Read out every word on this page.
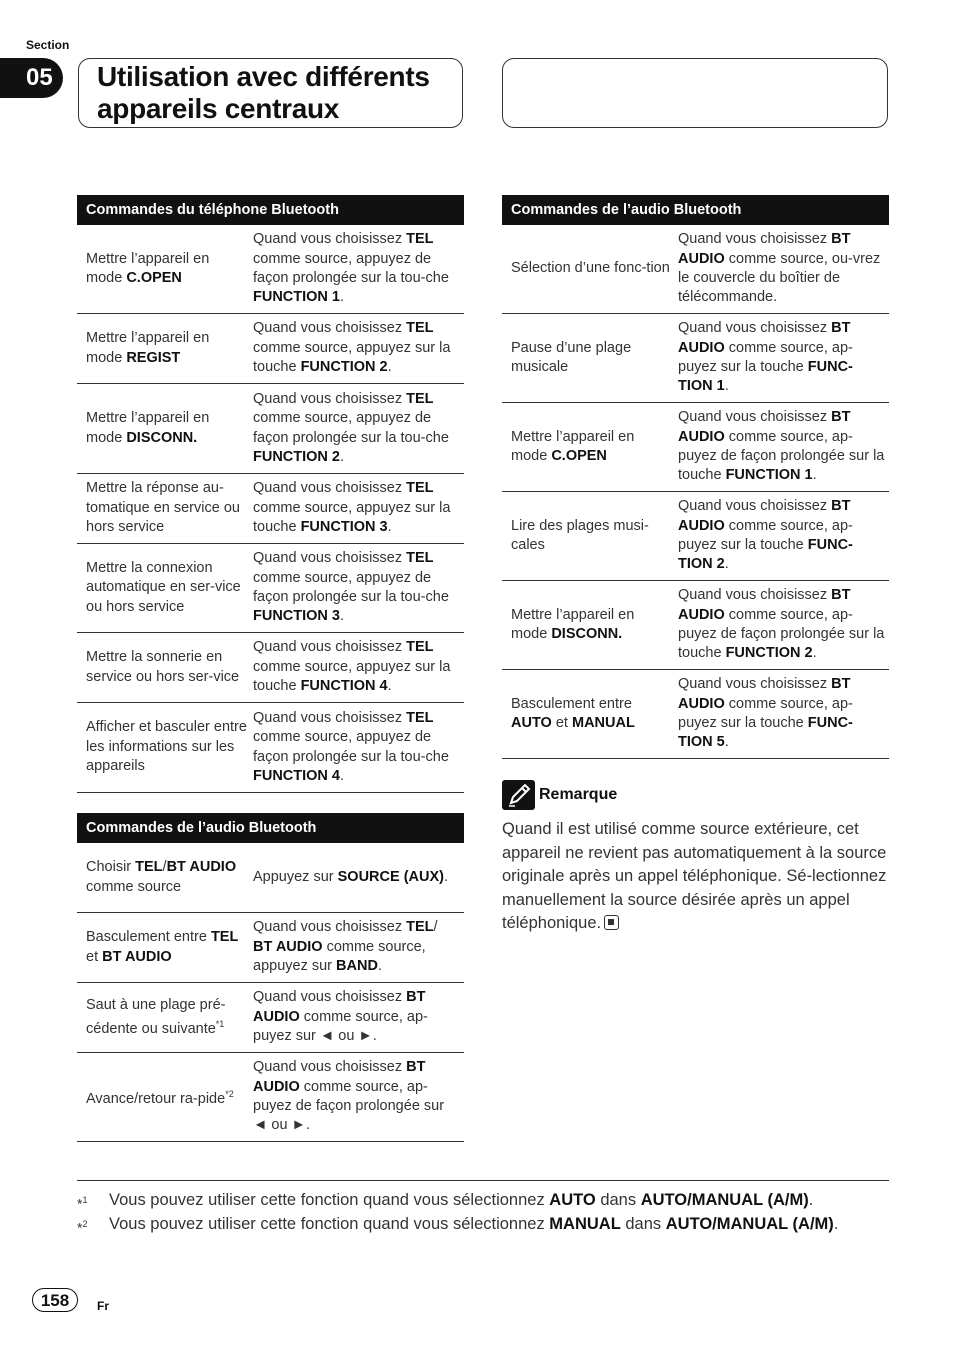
Section
05	Utilisation avec différents
appareils centraux
Commandes du téléphone Bluetooth
Mettre l’appareil en mode C.OPEN
Quand vous choisissez TEL comme source, appuyez de façon prolongée sur la tou-che FUNCTION 1.
Mettre l’appareil en mode REGIST
Quand vous choisissez TEL comme source, appuyez sur la touche FUNCTION 2.
Mettre l’appareil en mode DISCONN.
Quand vous choisissez TEL comme source, appuyez de façon prolongée sur la tou-che FUNCTION 2.
Mettre la réponse au-tomatique en service ou hors service
Quand vous choisissez TEL comme source, appuyez sur la touche FUNCTION 3.
Mettre la connexion automatique en ser-vice ou hors service
Quand vous choisissez TEL comme source, appuyez de façon prolongée sur la tou-che FUNCTION 3.
Mettre la sonnerie en service ou hors ser-vice
Quand vous choisissez TEL comme source, appuyez sur la touche FUNCTION 4.
Afficher et basculer entre les informations sur les appareils
Quand vous choisissez TEL comme source, appuyez de façon prolongée sur la tou-che FUNCTION 4.
Commandes de l’audio Bluetooth
Choisir TEL/BT AUDIO comme source
Appuyez sur SOURCE (AUX).
Basculement entre TEL et BT AUDIO
Quand vous choisissez TEL/ BT AUDIO comme source, appuyez sur BAND.
Saut à une plage pré-cédente ou suivante$^{*1}$
Quand vous choisissez BT AUDIO comme source, ap-puyez sur ◄ ou ►.
Avance/retour ra-pide$^{*2}$
Quand vous choisissez BT AUDIO comme source, ap-puyez de façon prolongée sur ◄ ou ►.
Commandes de l’audio Bluetooth
Sélection d’une fonc-tion
Quand vous choisissez BT AUDIO comme source, ou-vrez le couvercle du boîtier de télécommande.
Pause d’une plage musicale
Quand vous choisissez BT AUDIO comme source, ap-puyez sur la touche FUNC-TION 1.
Mettre l’appareil en mode C.OPEN
Quand vous choisissez BT AUDIO comme source, ap-puyez de façon prolongée sur la touche FUNCTION 1.
Lire des plages musi-cales
Quand vous choisissez BT AUDIO comme source, ap-puyez sur la touche FUNC-TION 2.
Mettre l’appareil en mode DISCONN.
Quand vous choisissez BT AUDIO comme source, ap-puyez de façon prolongée sur la touche FUNCTION 2.
Basculement entre AUTO et MANUAL
Quand vous choisissez BT AUDIO comme source, ap-puyez sur la touche FUNC-TION 5.
Remarque
Quand il est utilisé comme source extérieure, cet appareil ne revient pas automatiquement à la source originale après un appel téléphonique. Sé-lectionnez manuellement la source désirée après un appel téléphonique.
*$^1$ Vous pouvez utiliser cette fonction quand vous sélectionnez AUTO dans AUTO/MANUAL (A/M).
*$^2$ Vous pouvez utiliser cette fonction quand vous sélectionnez MANUAL dans AUTO/MANUAL (A/M).
158	Fr
